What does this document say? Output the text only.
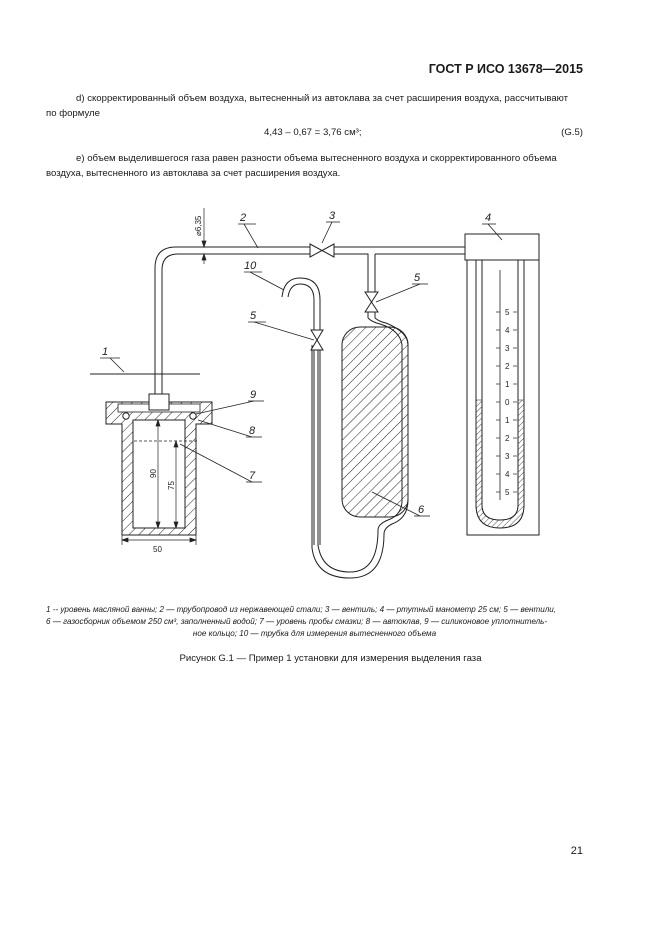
ГОСТ Р ИСО 13678—2015
d) скорректированный объем воздуха, вытесненный из автоклава за счет расширения воздуха, рассчитывают
по формуле
4,43 – 0,67 = 3,76 см³;	(G.5)
e) объем выделившегося газа равен разности объема вытесненного воздуха и скорректированного объема
воздуха, вытесненного из автоклава за счет расширения воздуха.
5
4
3
2
1
0
1
2
3
4
5
90
75
50
⌀6,35
1
2	3	4
5
5
6
7
8
9
10
1 -- уровень масляной ванны; 2 — трубопровод из нержавеющей стали; 3 — вентиль; 4 — ртутный манометр 25 см; 5 — вентили,
6 — газосборник объемом 250 см³, заполненный водой; 7 — уровень пробы смазки; 8 — автоклав, 9 — силиконовое уплотнитель-
ное кольцо; 10 — трубка для измерения вытесненного объема
Рисунок G.1 — Пример 1 установки для измерения выделения газа
21
